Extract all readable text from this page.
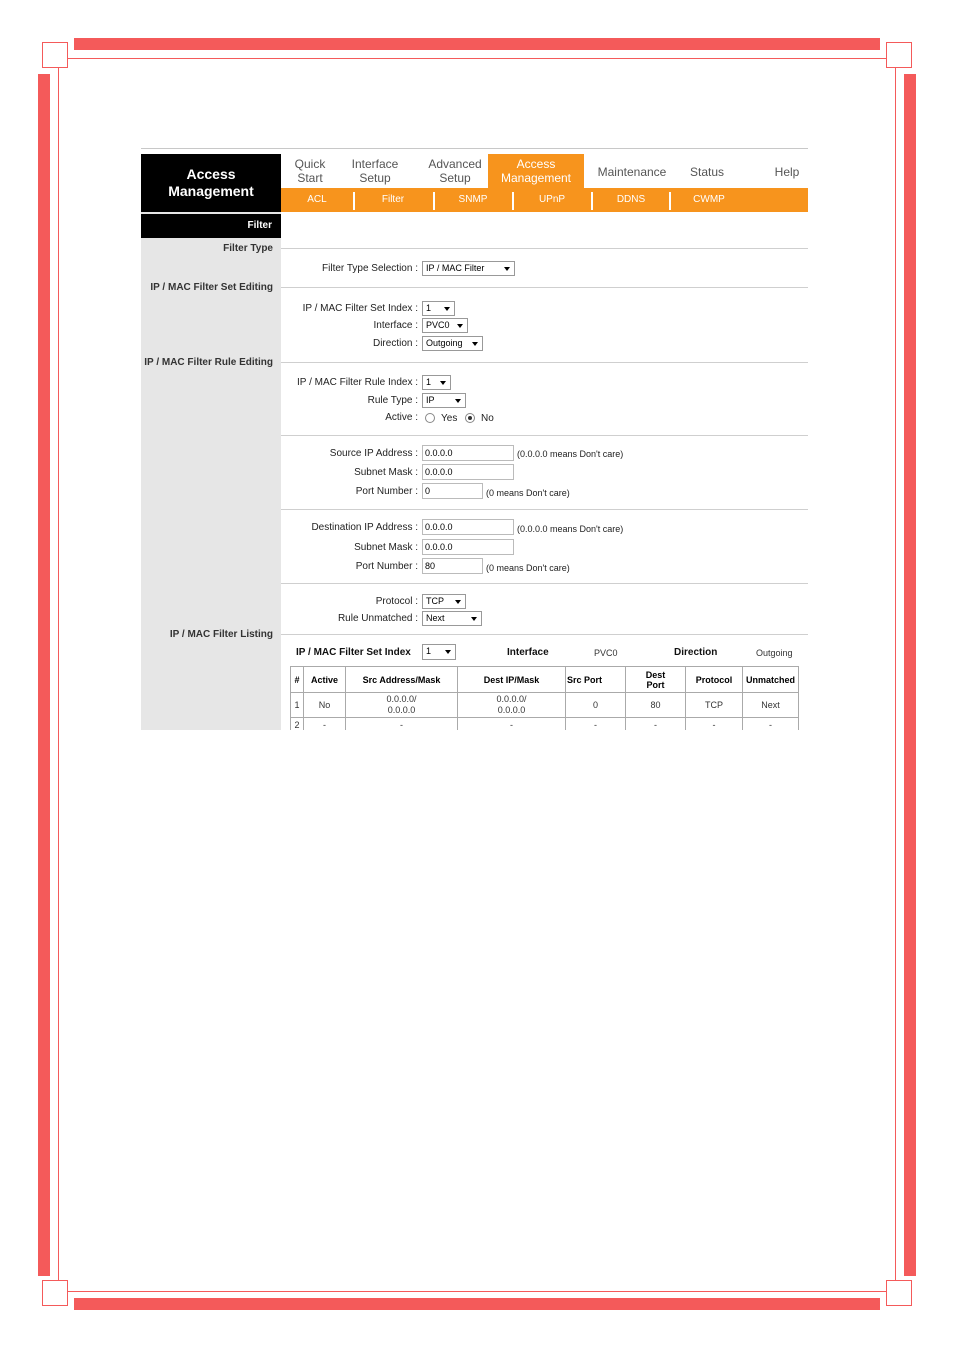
Access
Management
Quick
Start
Interface
Setup
Advanced
Setup
Access
Management	Maintenance	Status	Help
ACL	Filter	SNMP	UPnP	DDNS	CWMP
Filter
Filter Type
IP / MAC Filter Set Editing
IP / MAC Filter Rule Editing
IP / MAC Filter Listing
Filter Type Selection : IP / MAC Filter
IP / MAC Filter Set Index : 1
Interface : PVC0
Direction : Outgoing
IP / MAC Filter Rule Index : 1
Rule Type : IP
Active : Yes No
Source IP Address : 0.0.0.0	(0.0.0.0 means Don't care)
Subnet Mask : 0.0.0.0
Port Number : 0	(0 means Don't care)
Destination IP Address : 0.0.0.0	(0.0.0.0 means Don't care)
Subnet Mask : 0.0.0.0
Port Number : 80	(0 means Don't care)
Protocol : TCP
Rule Unmatched : Next
IP / MAC Filter Set Index	1	Interface	PVC0	Direction	Outgoing
#	Active	Src Address/Mask	Dest IP/Mask	Src Port	Dest Port	Protocol	Unmatched
1	No	0.0.0.0/ 0.0.0.0	0.0.0.0/ 0.0.0.0	0	80	TCP	Next
2	-	-	-	-	-	-	-
